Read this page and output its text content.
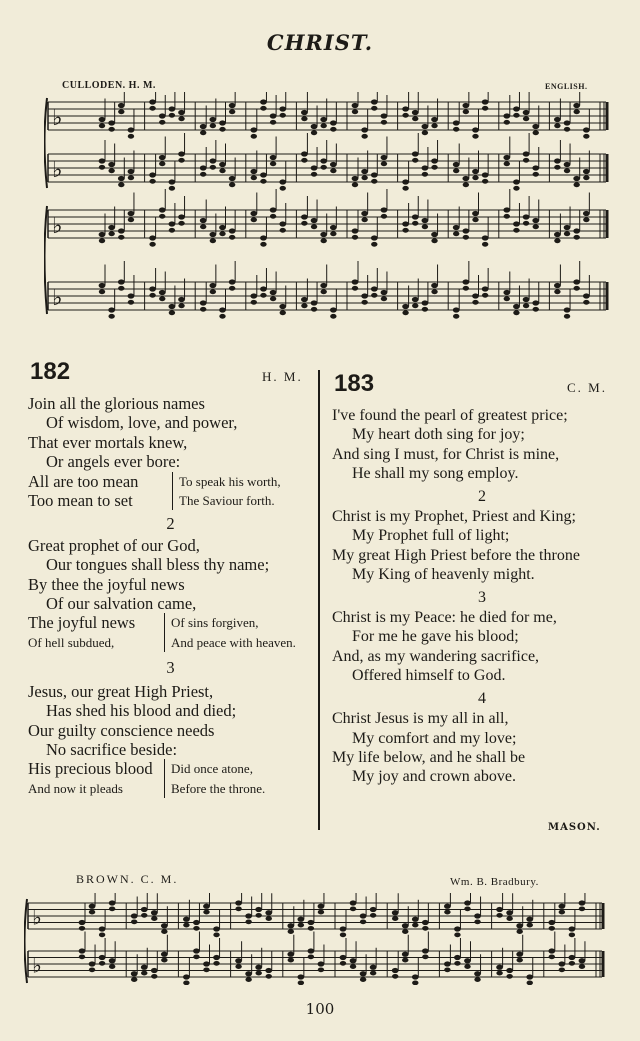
CHRIST.
CULLODEN. H. M.	ENGLISH.
♭
♭
♭
♭
182	H. M.
Join all the glorious names
Of wisdom, love, and power,
That ever mortals knew,
Or angels ever bore:
All are too mean	To speak his worth,
Too mean to set	The Saviour forth.
2
Great prophet of our God,
Our tongues shall bless thy name;
By thee the joyful news
Of our salvation came,
The joyful news	Of sins forgiven,
Of hell subdued,	And peace with heaven.
3
Jesus, our great High Priest,
Has shed his blood and died;
Our guilty conscience needs
No sacrifice beside:
His precious blood	Did once atone,
And now it pleads	Before the throne.
183	C. M.
I've found the pearl of greatest price;
My heart doth sing for joy;
And sing I must, for Christ is mine,
He shall my song employ.
2
Christ is my Prophet, Priest and King;
My Prophet full of light;
My great High Priest before the throne
My King of heavenly might.
3
Christ is my Peace: he died for me,
For me he gave his blood;
And, as my wandering sacrifice,
Offered himself to God.
4
Christ Jesus is my all in all,
My comfort and my love;
My life below, and he shall be
My joy and crown above.
MASON.
BROWN. C. M.	Wm. B. Bradbury.
♭
♭
100
